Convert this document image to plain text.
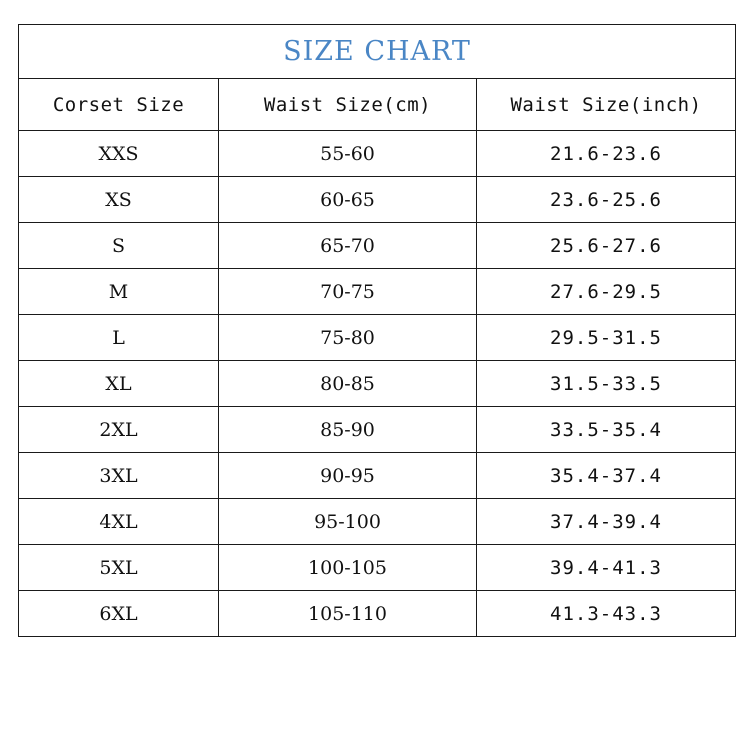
SIZE CHART		
Corset Size	Waist Size(cm)	Waist Size(inch)
XXS	55-60	21.6-23.6
XS	60-65	23.6-25.6
S	65-70	25.6-27.6
M	70-75	27.6-29.5
L	75-80	29.5-31.5
XL	80-85	31.5-33.5
2XL	85-90	33.5-35.4
3XL	90-95	35.4-37.4
4XL	95-100	37.4-39.4
5XL	100-105	39.4-41.3
6XL	105-110	41.3-43.3
